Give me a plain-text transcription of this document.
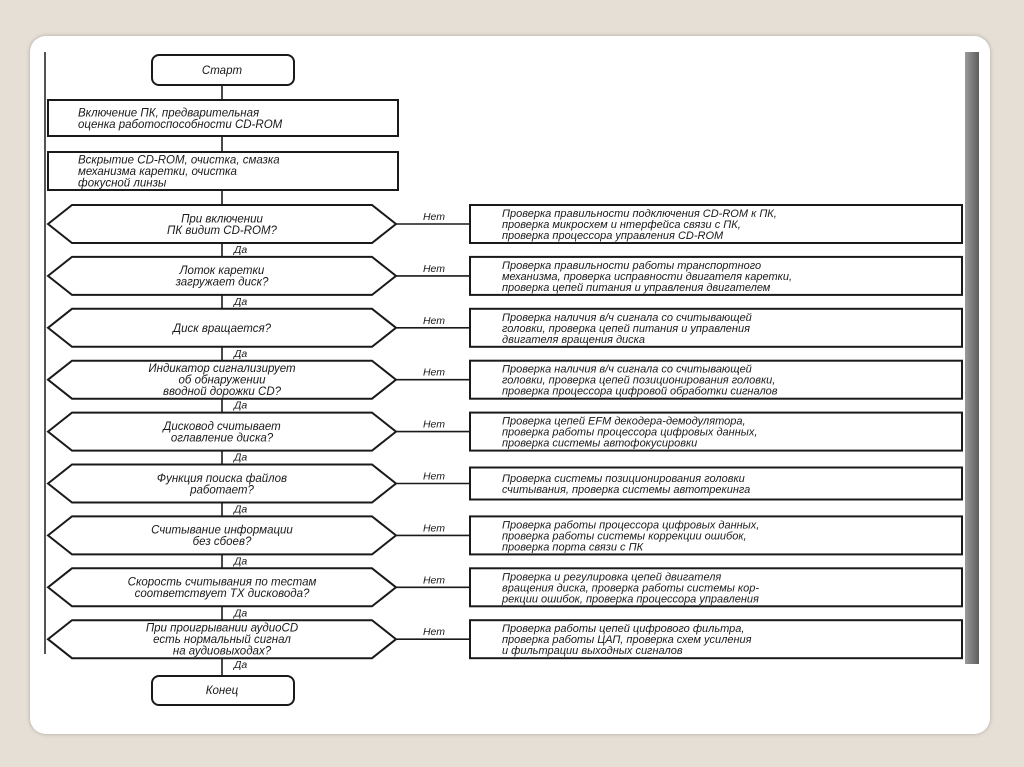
Старт
Включение ПК, предварительная
оценка работоспособности CD-ROM
Вскрытие CD-ROM, очистка, смазка
механизма каретки, очистка
фокусной линзы
При включении
ПК видит CD-ROM?
Нет	Проверка правильности подключения CD-ROM к ПК,
проверка микросхем и нтерфейса связи с ПК,
проверка процессора управления CD-ROM
Да
Лоток каретки
загружает диск?
Нет	Проверка правильности работы транспортного
механизма, проверка исправности двигателя каретки,
проверка цепей питания и управления двигателем
Да
Диск вращается?
Нет	Проверка наличия в/ч сигнала со считывающей
головки, проверка цепей питания и управления
двигателя вращения диска
Да
Индикатор сигнализирует
об обнаружении
вводной дорожки CD?
Нет	Проверка наличия в/ч сигнала со считывающей
головки, проверка цепей позиционирования головки,
проверка процессора цифровой обработки сигналов
Да
Дисковод считывает
оглавление диска?
Нет	Проверка цепей EFM декодера-демодулятора,
проверка работы процессора цифровых данных,
проверка системы автофокусировки
Да
Функция поиска файлов
работает?
Нет	Проверка системы позиционирования головки
считывания, проверка системы автотрекинга
Да
Считывание информации
без сбоев?
Нет	Проверка работы процессора цифровых данных,
проверка работы системы коррекции ошибок,
проверка порта связи с ПК
Да
Скорость считывания по тестам
соответствует ТХ дисковода?
Нет	Проверка и регулировка цепей двигателя
вращения диска, проверка работы системы кор-
рекции ошибок, проверка процессора управления
Да
При проигрывании аудиоCD
есть нормальный сигнал
на аудиовыходах?
Нет	Проверка работы цепей цифрового фильтра,
проверка работы ЦАП, проверка схем усиления
и фильтрации выходных сигналов
Да
Конец
